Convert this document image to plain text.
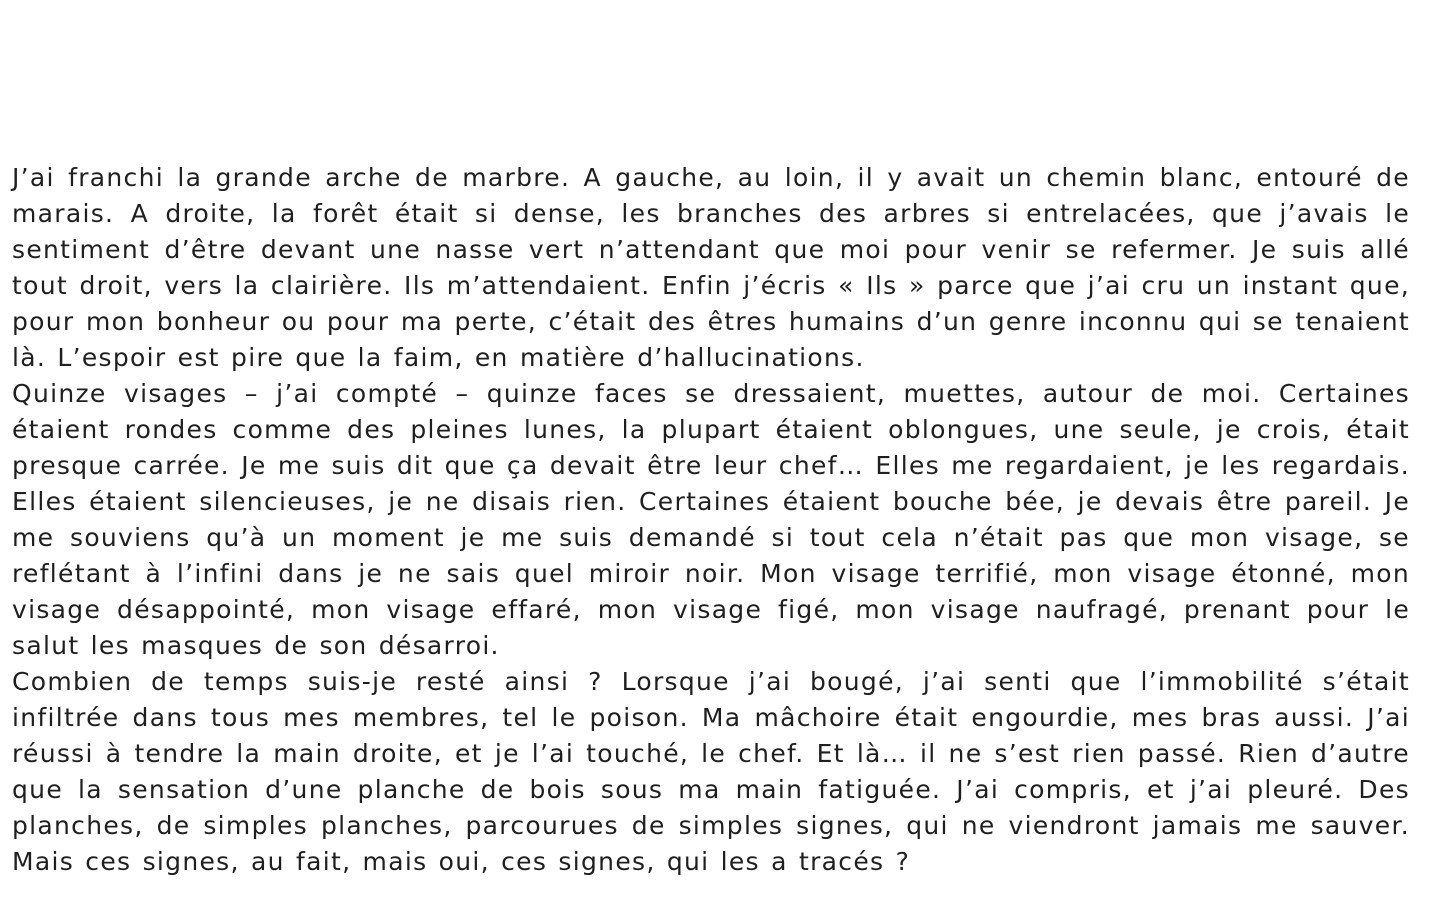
J’ai franchi la grande arche de marbre. A gauche, au loin, il y avait un chemin blanc, entouré de marais. A droite, la forêt était si dense, les branches des arbres si entrelacées, que j’avais le sentiment d’être devant une nasse vert n’attendant que moi pour venir se refermer. Je suis allé tout droit, vers la clairière. Ils m’attendaient. Enfin j’écris « Ils » parce que j’ai cru un instant que, pour mon bonheur ou pour ma perte, c’était des êtres humains d’un genre inconnu qui se tenaient là. L’espoir est pire que la faim, en matière d’hallucinations.

Quinze visages – j’ai compté – quinze faces se dressaient, muettes, autour de moi. Certaines étaient rondes comme des pleines lunes, la plupart étaient oblongues, une seule, je crois, était presque carrée. Je me suis dit que ça devait être leur chef… Elles me regardaient, je les regardais. Elles étaient silencieuses, je ne disais rien. Certaines étaient bouche bée, je devais être pareil. Je me souviens qu’à un moment je me suis demandé si tout cela n’était pas que mon visage, se reflétant à l’infini dans je ne sais quel miroir noir. Mon visage terrifié, mon visage étonné, mon visage désappointé, mon visage effaré, mon visage figé, mon visage naufragé, prenant pour le salut les masques de son désarroi.

Combien de temps suis-je resté ainsi ? Lorsque j’ai bougé, j’ai senti que l’immobilité s’était infiltrée dans tous mes membres, tel le poison. Ma mâchoire était engourdie, mes bras aussi. J’ai réussi à tendre la main droite, et je l’ai touché, le chef. Et là… il ne s’est rien passé. Rien d’autre que la sensation d’une planche de bois sous ma main fatiguée. J’ai compris, et j’ai pleuré. Des planches, de simples planches, parcourues de simples signes, qui ne viendront jamais me sauver. Mais ces signes, au fait, mais oui, ces signes, qui les a tracés ?
